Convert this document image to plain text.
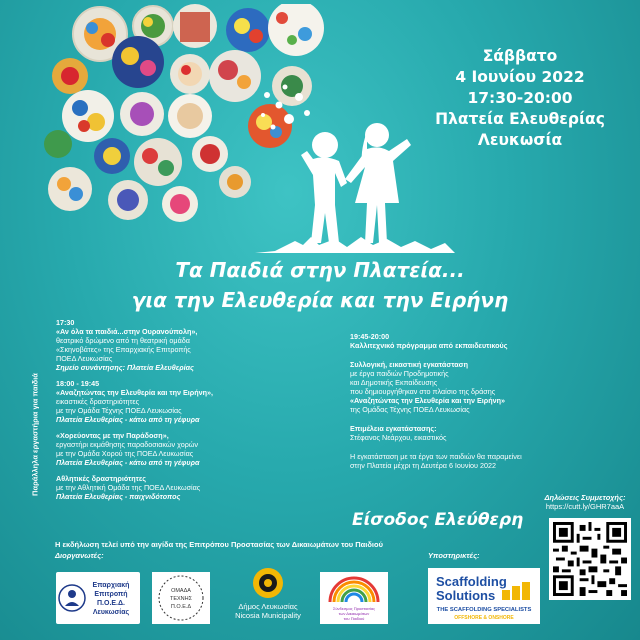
Σάββατο
4 Ιουνίου 2022
17:30-20:00
Πλατεία Ελευθερίας
Λευκωσία
Τα Παιδιά στην Πλατεία...
για την Ελευθερία και την Ειρήνη
Παράλληλα εργαστήρια για παιδιά
17:30
«Αν όλα τα παιδιά...στην Ουρανούπολη»,
θεατρικό δρώμενο από τη θεατρική ομάδα
«Σκηνοβάτες» της Επαρχιακής Επιτροπής
ΠΟΕΔ Λευκωσίας
Σημείο συνάντησης: Πλατεία Ελευθερίας
18:00 - 19:45
«Αναζητώντας την Ελευθερία και την Ειρήνη»,
εικαστικές δραστηριότητες
με την Ομάδα Τέχνης ΠΟΕΔ Λευκωσίας
Πλατεία Ελευθερίας - κάτω από τη γέφυρα
«Χορεύοντας με την Παράδοση»,
εργαστήρι εκμάθησης παραδοσιακών χορών
με την Ομάδα Χορού της ΠΟΕΔ Λευκωσίας
Πλατεία Ελευθερίας - κάτω από τη γέφυρα
Αθλητικές δραστηριότητες
με την Αθλητική Ομάδα της ΠΟΕΔ Λευκωσίας
Πλατεία Ελευθερίας - παιχνιδότοπος
19:45-20:00
Καλλιτεχνικό πρόγραμμα από εκπαιδευτικούς
Συλλογική, εικαστική εγκατάσταση
με έργα παιδιών Προδημοτικής
και Δημοτικής Εκπαίδευσης
που δημιουργήθηκαν στο πλαίσιο της δράσης
«Αναζητώντας την Ελευθερία και την Ειρήνη»
της Ομάδας Τέχνης ΠΟΕΔ Λευκωσίας
Επιμέλεια εγκατάστασης:
Στέφανος Νεάρχου, εικαστικός
Η εγκατάσταση με τα έργα των παιδιών θα παραμείνει
στην Πλατεία μέχρι τη Δευτέρα 6 Ιουνίου 2022
Είσοδος Ελεύθερη
Δηλώσεις Συμμετοχής:
https://cutt.ly/GHR7aaA
Η εκδήλωση τελεί υπό την αιγίδα της Επιτρόπου Προστασίας των Δικαιωμάτων του Παιδιού
Διοργανωτές:	Υποστηρικτές:
Επαρχιακή
Επιτροπή
Π.Ο.Ε.Δ.
Λευκωσίας
ΟΜΑΔΑ
ΤΕΧΝΗΣ
Π.Ο.Ε.Δ	Δήμος Λευκωσίας
Nicosia Municipality
Σύνδεσμος Προστασίας
των Δικαιωμάτων
του Παιδιού
Scaffolding
Solutions
THE SCAFFOLDING SPECIALISTS
OFFSHORE & ONSHORE
